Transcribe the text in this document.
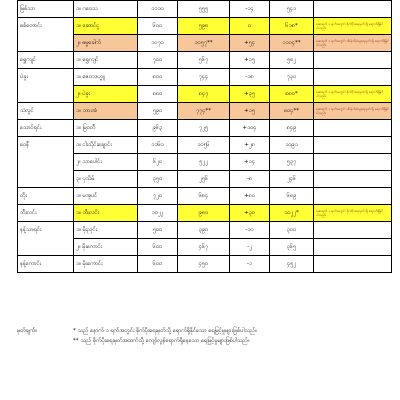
မြစ်သာ	၁။ ဂဝေသ	၁၁၁၀	၅၅၅	-၁၄	၅၄၁	
စစ်တောင်း	၁။ ဆောင်ငူ	၆၀၀	၅၉၈	၀	၆၁၈*	ဆေးရက် ၁ ရက်အတွင်း စိုက်ပိုးရေးမှတ်သို့ ရောက်ရှိနိုင်ပါသည်။
	၂။ ဓမ္မခေါက်	၁၀၇၀	၁၀၅၇**	+၅၄	၁၁၀၄**	ဆေးရက် ၁ ရက်အတွင်း ထိန်းသိမ်းမှုရေးမှတ်သို့ ရောက်ရှိနိုင်ပါသည်။
ရွှေကျင်	၁။ ရွှေကျင်	၇၀၀	၅၆၇	+၁၅	၅၈၂	
ပဲခူး	၁။ ဇေတဒဟ္မူ	၈၀၀	၇၄၄	-၁၈	၇၃၀	
	၂။ ပဲခူး	၈၈၀	၈၄၇	+၃၅	၈၈၀*	ဆေးရက် ၁ ရက်အတွင်း စိုက်ပိုးရေးမှတ်သို့ ရောက်ရှိနိုင်ပါသည်။
သံလွင်	၁။ ဘားအံ	၅၉၀	၇၇၄**	+၁၅	၈၀၄**	ဆေးရက် ၁ ရက်အတွင်း ထိန်းသိမ်းမှုရေးမှတ်သို့ ရောက်ရှိနိုင်ပါသည်။
သောင်ရင်း	၁။ မြဝတီ	၉၆၃	၇၂၅	+၁၀၄	၈၄၉	
ဝေနီ	၁။ ငါးသိုင်းချောင်း	၁၁၆၀	၁၀၅၆	+၂၈	၁၀၉၁	
	၂။ သာပေါင်း	၆၂၀	၅၂၂	+၁၄	၅၃၇	
	၃။ ပုသိမ်	၃၅၀	၂၅၆	-၈	၂၄၆	
တိုး	၁။ မအူပင်	၇၂၀	၆၈၄	+၈၀	၆၈၉	
ဘီးလင်း	၁။ ဘီးလင်း	၁၀၂၂	၉၈၀	+၃၀	၁၀၂၂*	ဆေးရက် ၁ ရက်အတွင်း စိုက်ပိုးရေးမှတ်သို့ ရောက်ရှိနိုင်ပါသည်။
နန့်သာရင်း	၁။ မိုးညှင်း	၅၀၀	၃၉၀	-၁၀	၃၀၀	
	၂။ မိုးကောင်း	၆၀၀	၄၆၇	-၂	၃၆၅	
နန့်ကောင်း	၁။ မိုးကောင်း	၆၀၀	၄၅၀	-၁	၄၅၂	
မှတ်ချက်။	* သည် နောက် ၁ ရက်အတွင်း စိုက်ပိုးရေးမှတ်သို့ ရောက်ရှိနိုင်သော ရေမြင့်မှုများဖြစ်ပါသည်။
** သည် စိုက်ပိုးရေးမှတ်အထက်သို့ ကျော်လွန်ရောက်ရှိနေသော ရေမြင့်မှုများဖြစ်ပါသည်။
